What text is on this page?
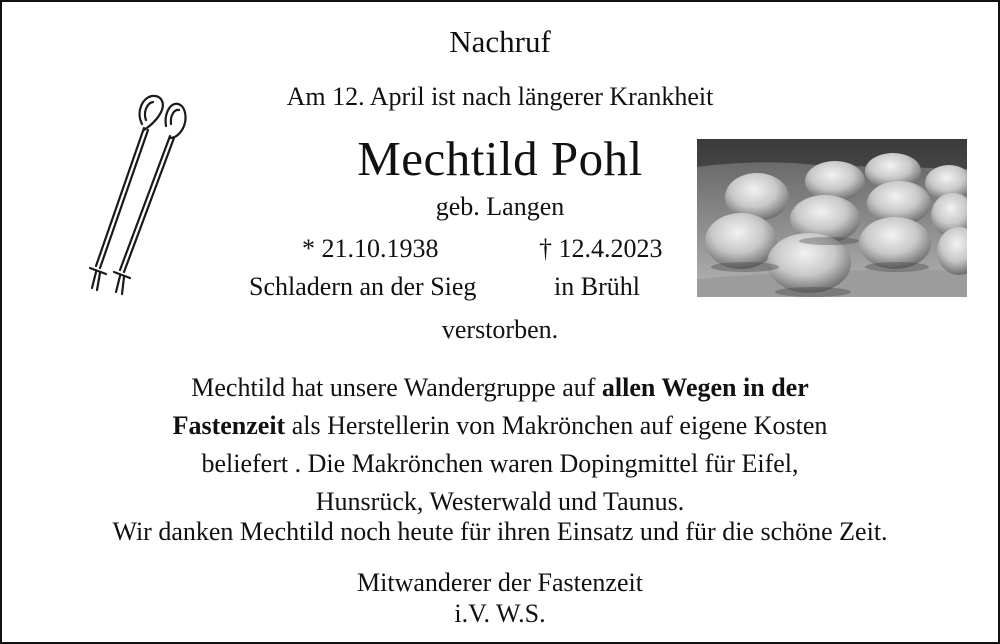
Nachruf
Am 12. April ist nach längerer Krankheit
Mechtild Pohl
geb. Langen
* 21.10.1938	† 12.4.2023
Schladern an der Sieg	in Brühl
verstorben.
Mechtild hat unsere Wandergruppe auf allen Wegen in der
Fastenzeit als Herstellerin von Makrönchen auf eigene Kosten
beliefert . Die Makrönchen waren Dopingmittel für Eifel,
Hunsrück, Westerwald und Taunus.
Wir danken Mechtild noch heute für ihren Einsatz und für die schöne Zeit.
Mitwanderer der Fastenzeit
i.V. W.S.
